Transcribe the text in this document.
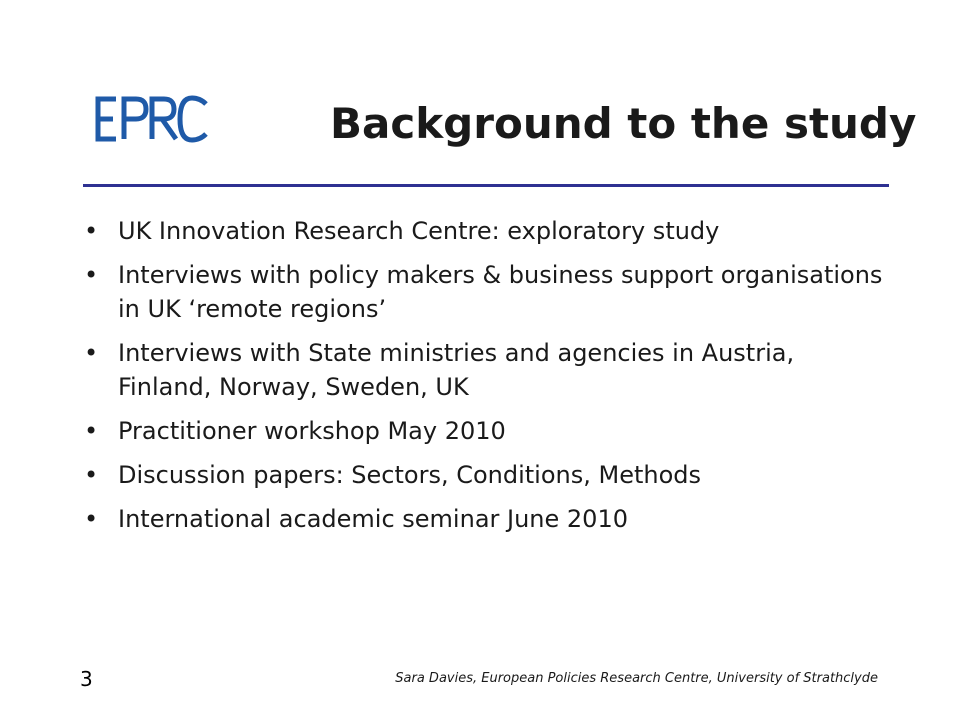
Background to the study
• UK Innovation Research Centre: exploratory study
• Interviews with policy makers & business support organisations in UK ‘remote regions’
• Interviews with State ministries and agencies in Austria, Finland, Norway, Sweden, UK
• Practitioner workshop May 2010
• Discussion papers: Sectors, Conditions, Methods
• International academic seminar June 2010
3	Sara Davies, European Policies Research Centre, University of Strathclyde
